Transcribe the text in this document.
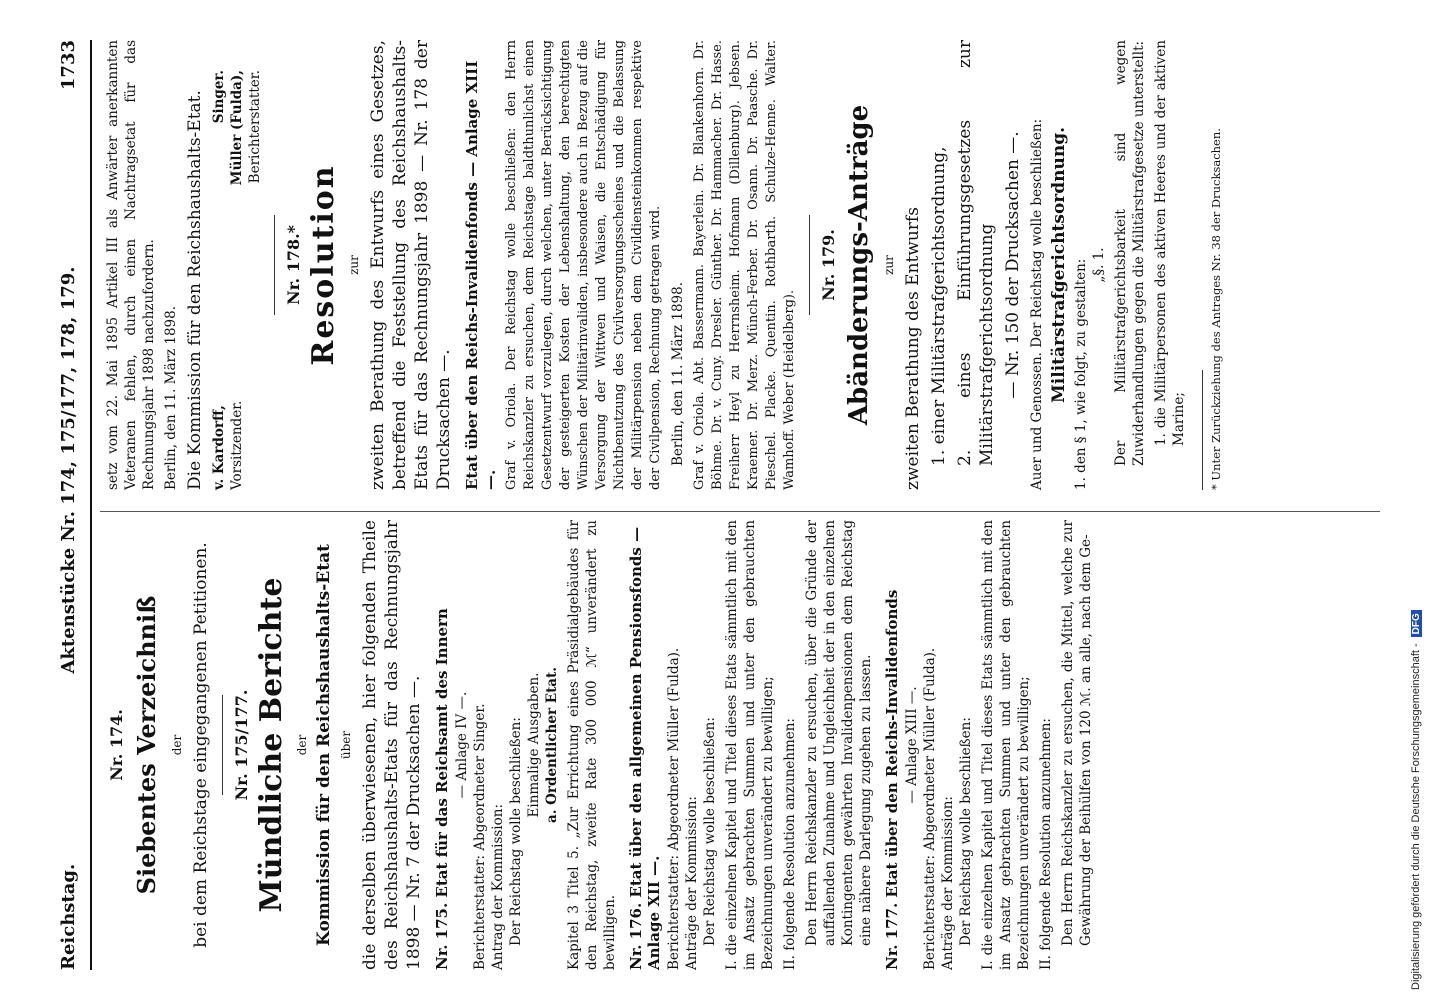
Reichstag.
Aktenstücke Nr. 174, 175/177, 178, 179.
1733
Nr. 174. Siebentes Verzeichniß der bei dem Reichstage eingegangenen Petitionen. Nr. 175/177. Mündliche Berichte der Kommission für den Reichshaushalts-Etat über die derselben überwiesenen, hier folgenden Theile des Reichshaushalts-Etats für das Rechnungsjahr 1898 — Nr. 7 der Drucksachen —. Nr. 175. Etat für das Reichsamt des Innern — Anlage IV —. Berichterstatter: Abgeordneter Singer. Antrag der Kommission: Der Reichstag wolle beschließen: Einmalige Ausgaben. a. Ordentlicher Etat. Kapitel 3 Titel 5. „Zur Errichtung eines Präsidialgebäudes für den Reichstag, zweite Rate 300 000 ℳ“ unverändert zu bewilligen. Nr. 176. Etat über den allgemeinen Pensionsfonds — Anlage XII —. Berichterstatter: Abgeordneter Müller (Fulda). Anträge der Kommission: Der Reichstag wolle beschließen: I. die einzelnen Kapitel und Titel dieses Etats sämmtlich mit den im Ansatz gebrachten Summen und unter den gebrauchten Bezeichnungen unverändert zu bewilligen; II. folgende Resolution anzunehmen: Den Herrn Reichskanzler zu ersuchen, über die Gründe der auffallenden Zunahme und Ungleichheit der in den einzelnen Kontingenten gewährten Invalidenpensionen dem Reichstag eine nähere Darlegung zugehen zu lassen. Nr. 177. Etat über den Reichs-Invalidenfonds — Anlage XIII —. Berichterstatter: Abgeordneter Müller (Fulda). Anträge der Kommission: Der Reichstag wolle beschließen: I. die einzelnen Kapitel und Titel dieses Etats sämmtlich mit den im Ansatz gebrachten Summen und unter den gebrauchten Bezeichnungen unverändert zu bewilligen; II. folgende Resolution anzunehmen: Den Herrn Reichskanzler zu ersuchen, die Mittel, welche zur Gewährung der Beihülfen von 120 ℳ. an alle, nach dem Ge-

setz vom 22. Mai 1895 Artikel III als Anwärter anerkannten Veteranen fehlen, durch einen Nachtragsetat für das Rechnungsjahr 1898 nachzufordern. Berlin, den 11. März 1898. Die Kommission für den Reichshaushalts-Etat. v. Kardorff, Vorsitzender.
Singer. Müller (Fulda), Berichterstatter.
Nr. 178.* Resolution zur zweiten Berathung des Entwurfs eines Gesetzes, betreffend die Feststellung des Reichshaushalts-Etats für das Rechnungsjahr 1898 — Nr. 178 der Drucksachen —. Etat über den Reichs-Invalidenfonds — Anlage XIII —. Graf v. Oriola. Der Reichstag wolle beschließen: den Herrn Reichskanzler zu ersuchen, dem Reichstage baldthunlichst einen Gesetzentwurf vorzulegen, durch welchen, unter Berücksichtigung der gesteigerten Kosten der Lebenshaltung, den berechtigten Wünschen der Militärinvaliden, insbesondere auch in Bezug auf die Versorgung der Wittwen und Waisen, die Entschädigung für Nichtbenutzung des Civilversorgungsscheines und die Belassung der Militärpension neben dem Civildiensteinkommen respektive der Civilpension, Rechnung getragen wird. Berlin, den 11. März 1898. Graf v. Oriola. Abt. Bassermann. Bayerlein. Dr. Blankenhorn. Dr. Böhme. Dr. v. Cuny. Dresler. Günther. Dr. Hammacher. Dr. Hasse. Freiherr Heyl zu Herrnsheim. Hofmann (Dillenburg). Jebsen. Kraemer. Dr. Merz. Münch-Ferber. Dr. Osann. Dr. Paasche. Dr. Pieschel. Placke. Quentin. Rothbarth. Schulze-Henne. Walter. Wamhoff. Weber (Heidelberg).

Nr. 179. Abänderungs-Anträge zur zweiten Berathung des Entwurfs 1. einer Militärstrafgerichtsordnung, 2. eines Einführungsgesetzes zur Militärstrafgerichtsordnung — Nr. 150 der Drucksachen —. Auer und Genossen. Der Reichstag wolle beschließen: Militärstrafgerichtsordnung. 1. den § 1, wie folgt, zu gestalten: „§. 1. Der Militärstrafgerichtsbarkeit sind wegen Zuwiderhandlungen gegen die Militärstrafgesetze unterstellt: 1. die Militärpersonen des aktiven Heeres und der aktiven Marine; * Unter Zurückziehung des Antrages Nr. 38 der Drucksachen.
Digitalisierung gefördert durch die Deutsche Forschungsgemeinschaft -DFG
